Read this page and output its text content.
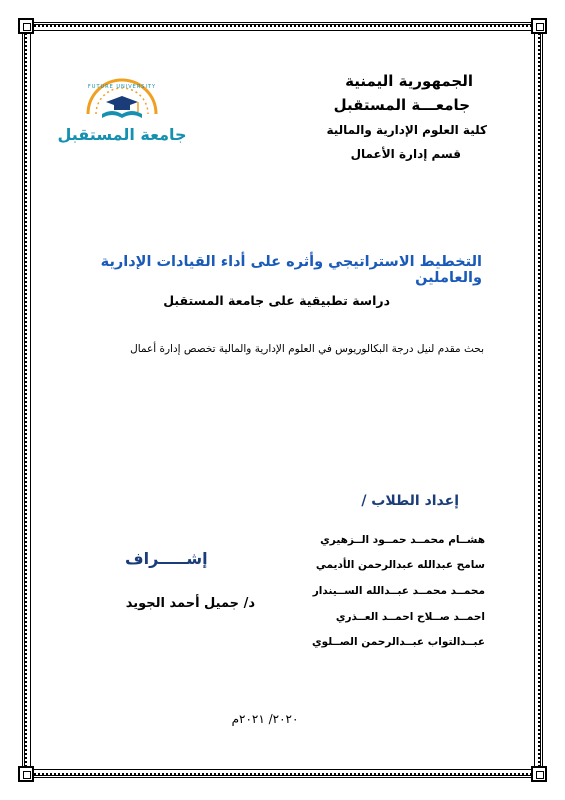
الجمهورية اليمنية
جامعـــة المستقبل
كلية العلوم الإدارية والمالية
قسم إدارة الأعمال
FUTURE UNIVERSITY
جامعة المستقبل
التخطيط الاستراتيجي وأثره على أداء القيادات الإدارية والعاملين
دراسة تطبيقية على جامعة المستقبل
بحث مقدم لنيل درجة البكالوريوس في العلوم الإدارية والمالية تخصص إدارة أعمال
إعداد الطلاب /
هشــام محمــد حمــود الــزهيري
سامح عبدالله عبدالرحمن الأديمي
محمــد محمــد عبــدالله الســيندار
احمــد صــلاح احمــد العــذري
عبــدالتواب عبــدالرحمن الصــلوي
إشـــــراف
د/ جميل أحمد الجويد
٢٠٢٠/ ٢٠٢١م
